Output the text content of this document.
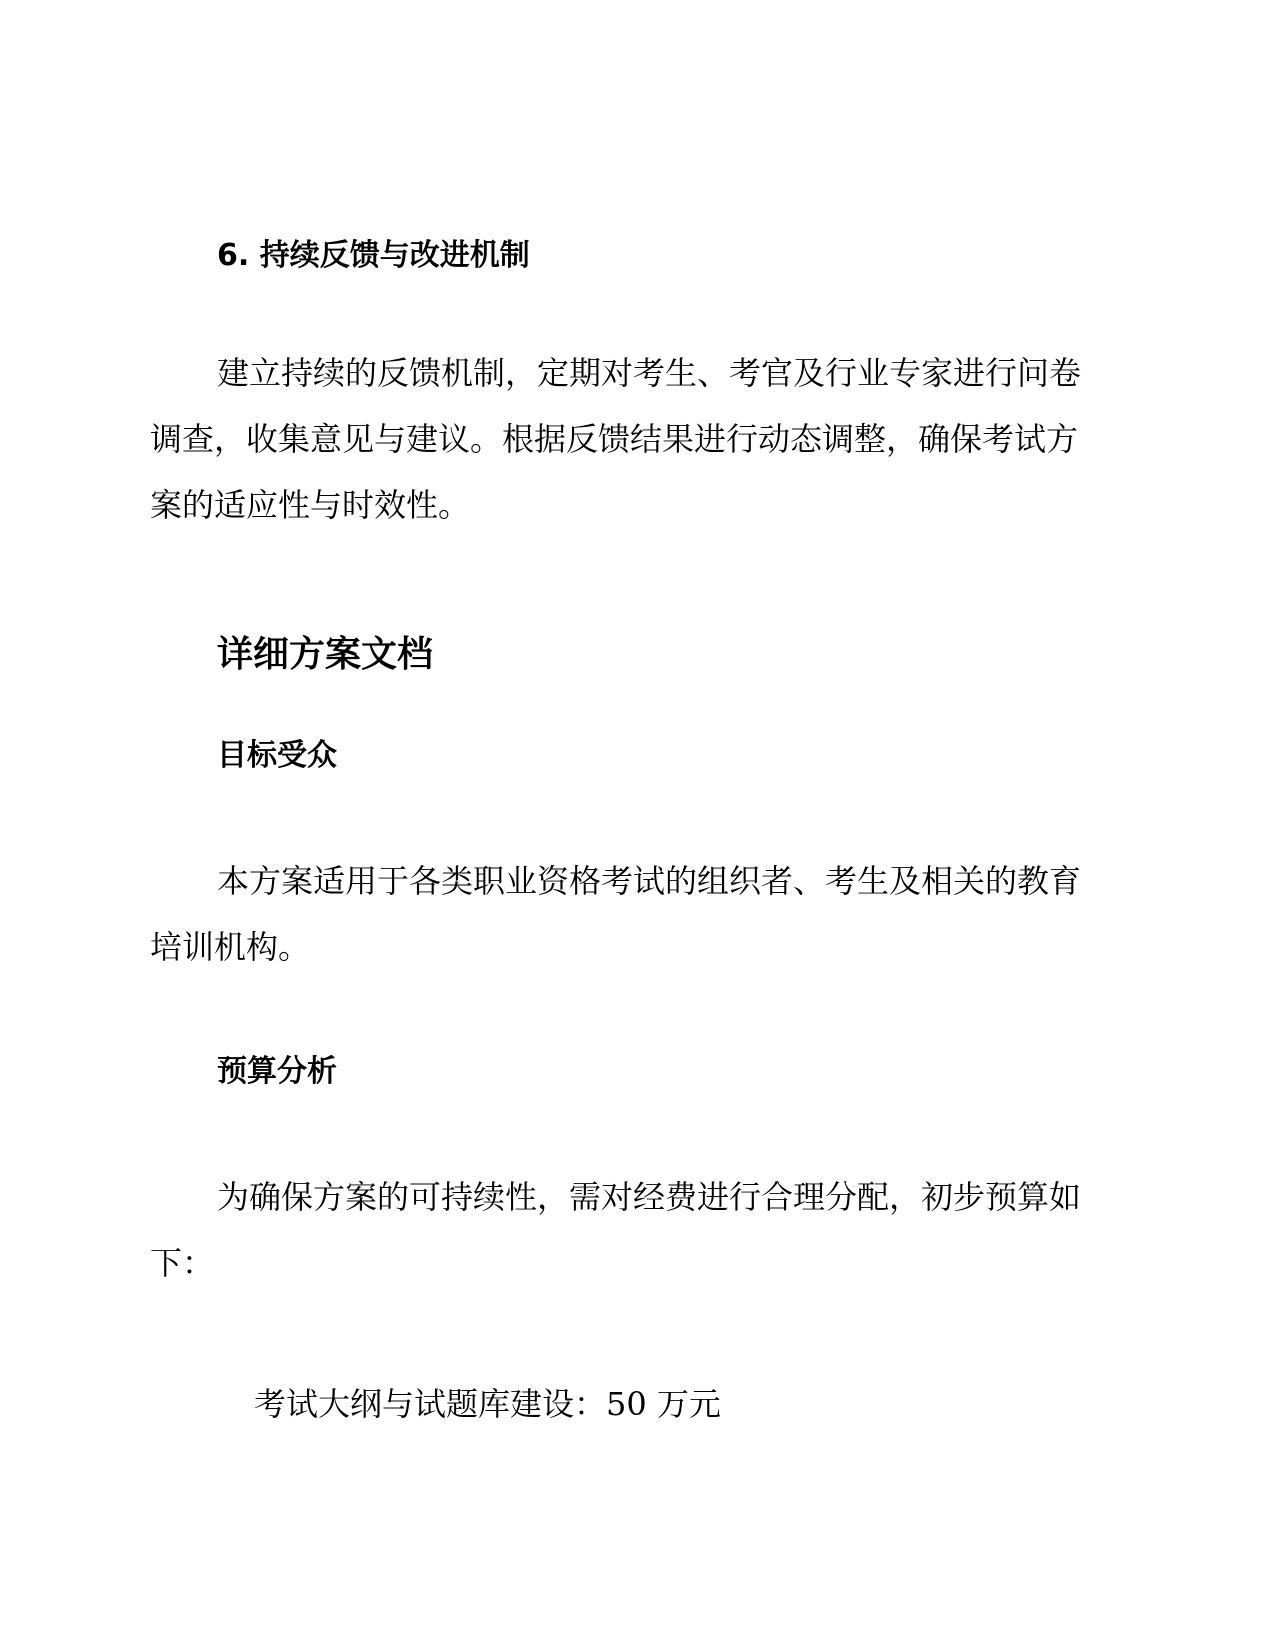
6. 持续反馈与改进机制
建立持续的反馈机制，定期对考生、考官及行业专家进行问卷
调查，收集意见与建议。根据反馈结果进行动态调整，确保考试方
案的适应性与时效性。
详细方案文档
目标受众
本方案适用于各类职业资格考试的组织者、考生及相关的教育
培训机构。
预算分析
为确保方案的可持续性，需对经费进行合理分配，初步预算如
下：
考试大纲与试题库建设：50 万元
